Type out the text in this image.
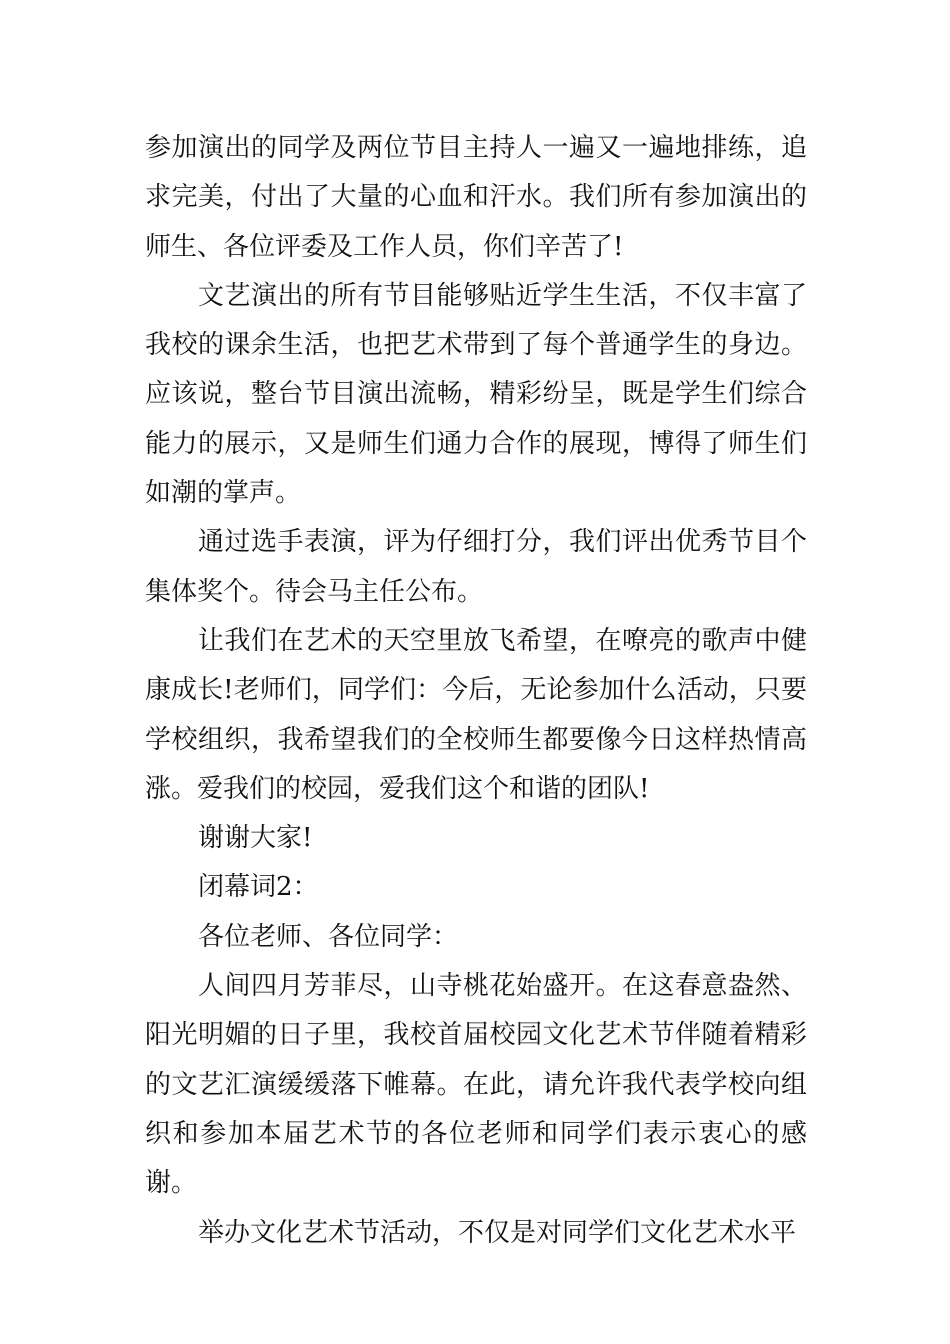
参加演出的同学及两位节目主持人一遍又一遍地排练，追求完美，付出了大量的心血和汗水。我们所有参加演出的师生、各位评委及工作人员，你们辛苦了!

文艺演出的所有节目能够贴近学生生活，不仅丰富了我校的课余生活，也把艺术带到了每个普通学生的身边。应该说，整台节目演出流畅，精彩纷呈，既是学生们综合能力的展示，又是师生们通力合作的展现，博得了师生们如潮的掌声。

通过选手表演，评为仔细打分，我们评出优秀节目个集体奖个。待会马主任公布。

让我们在艺术的天空里放飞希望，在嘹亮的歌声中健康成长!老师们，同学们：今后，无论参加什么活动，只要学校组织，我希望我们的全校师生都要像今日这样热情高涨。爱我们的校园，爱我们这个和谐的团队!

谢谢大家!

闭幕词2：

各位老师、各位同学：

人间四月芳菲尽，山寺桃花始盛开。在这春意盎然、阳光明媚的日子里，我校首届校园文化艺术节伴随着精彩的文艺汇演缓缓落下帷幕。在此，请允许我代表学校向组织和参加本届艺术节的各位老师和同学们表示衷心的感谢。

举办文化艺术节活动，不仅是对同学们文化艺术水平
